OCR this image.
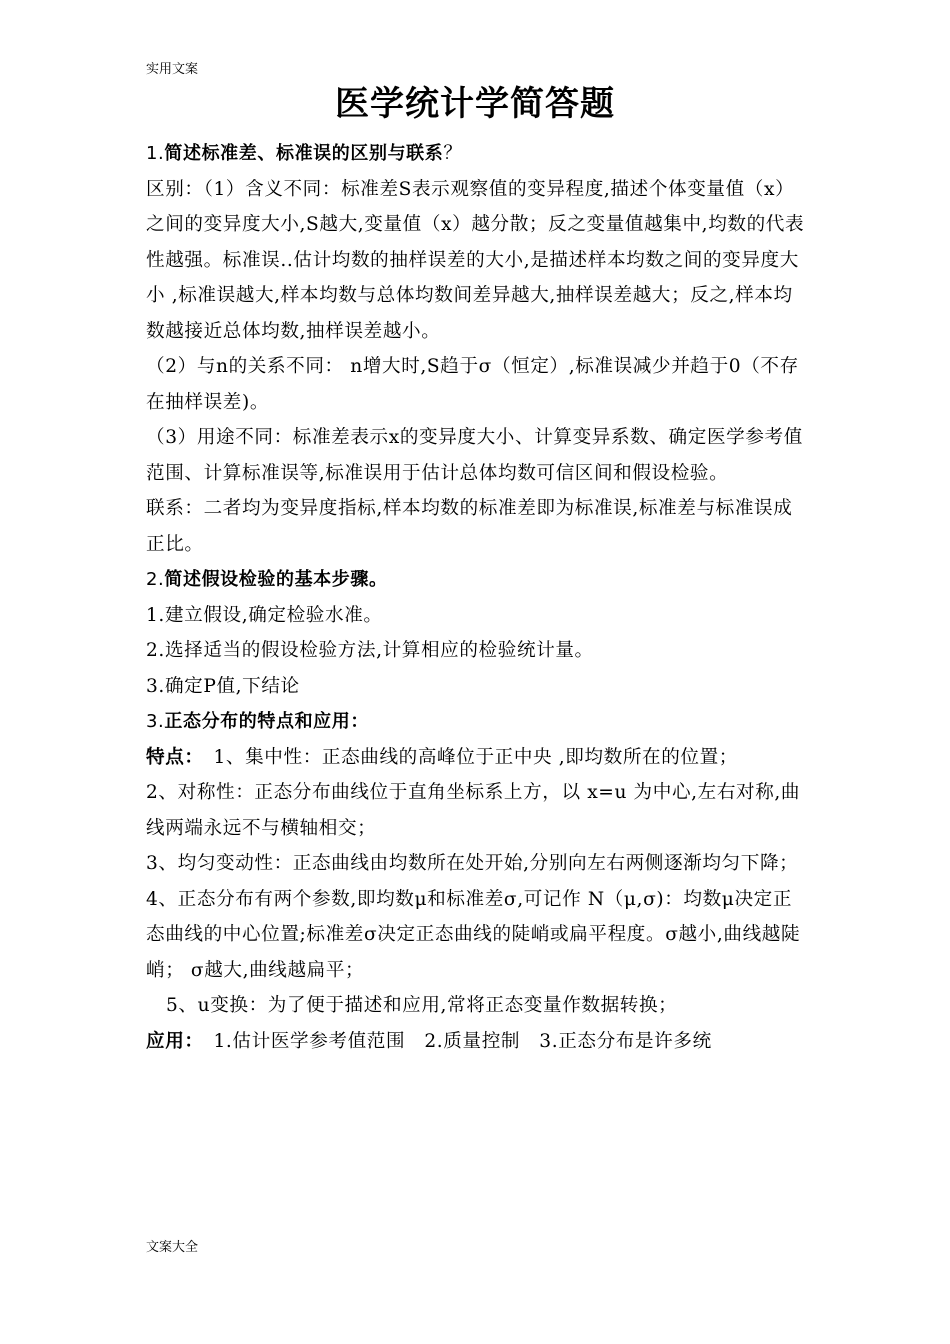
实用文案
医学统计学简答题

1.简述标准差、标准误的区别与联系？

区别：（1）含义不同：标准差S表示观察值的变异程度,描述个体变量值（x）之间的变异度大小,S越大,变量值（x）越分散；反之变量值越集中,均数的代表性越强。标准误..估计均数的抽样误差的大小,是描述样本均数之间的变异度大小 ,标准误越大,样本均数与总体均数间差异越大,抽样误差越大；反之,样本均数越接近总体均数,抽样误差越小。

（2）与n的关系不同： n增大时,S趋于σ（恒定）,标准误减少并趋于0（不存在抽样误差)。

（3）用途不同：标准差表示x的变异度大小、计算变异系数、确定医学参考值范围、计算标准误等,标准误用于估计总体均数可信区间和假设检验。

联系：二者均为变异度指标,样本均数的标准差即为标准误,标准差与标准误成正比。

2.简述假设检验的基本步骤。

1.建立假设,确定检验水准。

2.选择适当的假设检验方法,计算相应的检验统计量。

3.确定P值,下结论

3.正态分布的特点和应用：

特点：　1、集中性：正态曲线的高峰位于正中央 ,即均数所在的位置；

2、对称性：正态分布曲线位于直角坐标系上方，以 x=u 为中心,左右对称,曲线两端永远不与横轴相交；

3、均匀变动性：正态曲线由均数所在处开始,分别向左右两侧逐渐均匀下降；

4、正态分布有两个参数,即均数μ和标准差σ,可记作 N（μ,σ)：均数μ决定正态曲线的中心位置;标准差σ决定正态曲线的陡峭或扁平程度。σ越小,曲线越陡峭； σ越大,曲线越扁平；

5、u变换：为了便于描述和应用,常将正态变量作数据转换；

应用：　1.估计医学参考值范围　2.质量控制　3.正态分布是许多统

文案大全
